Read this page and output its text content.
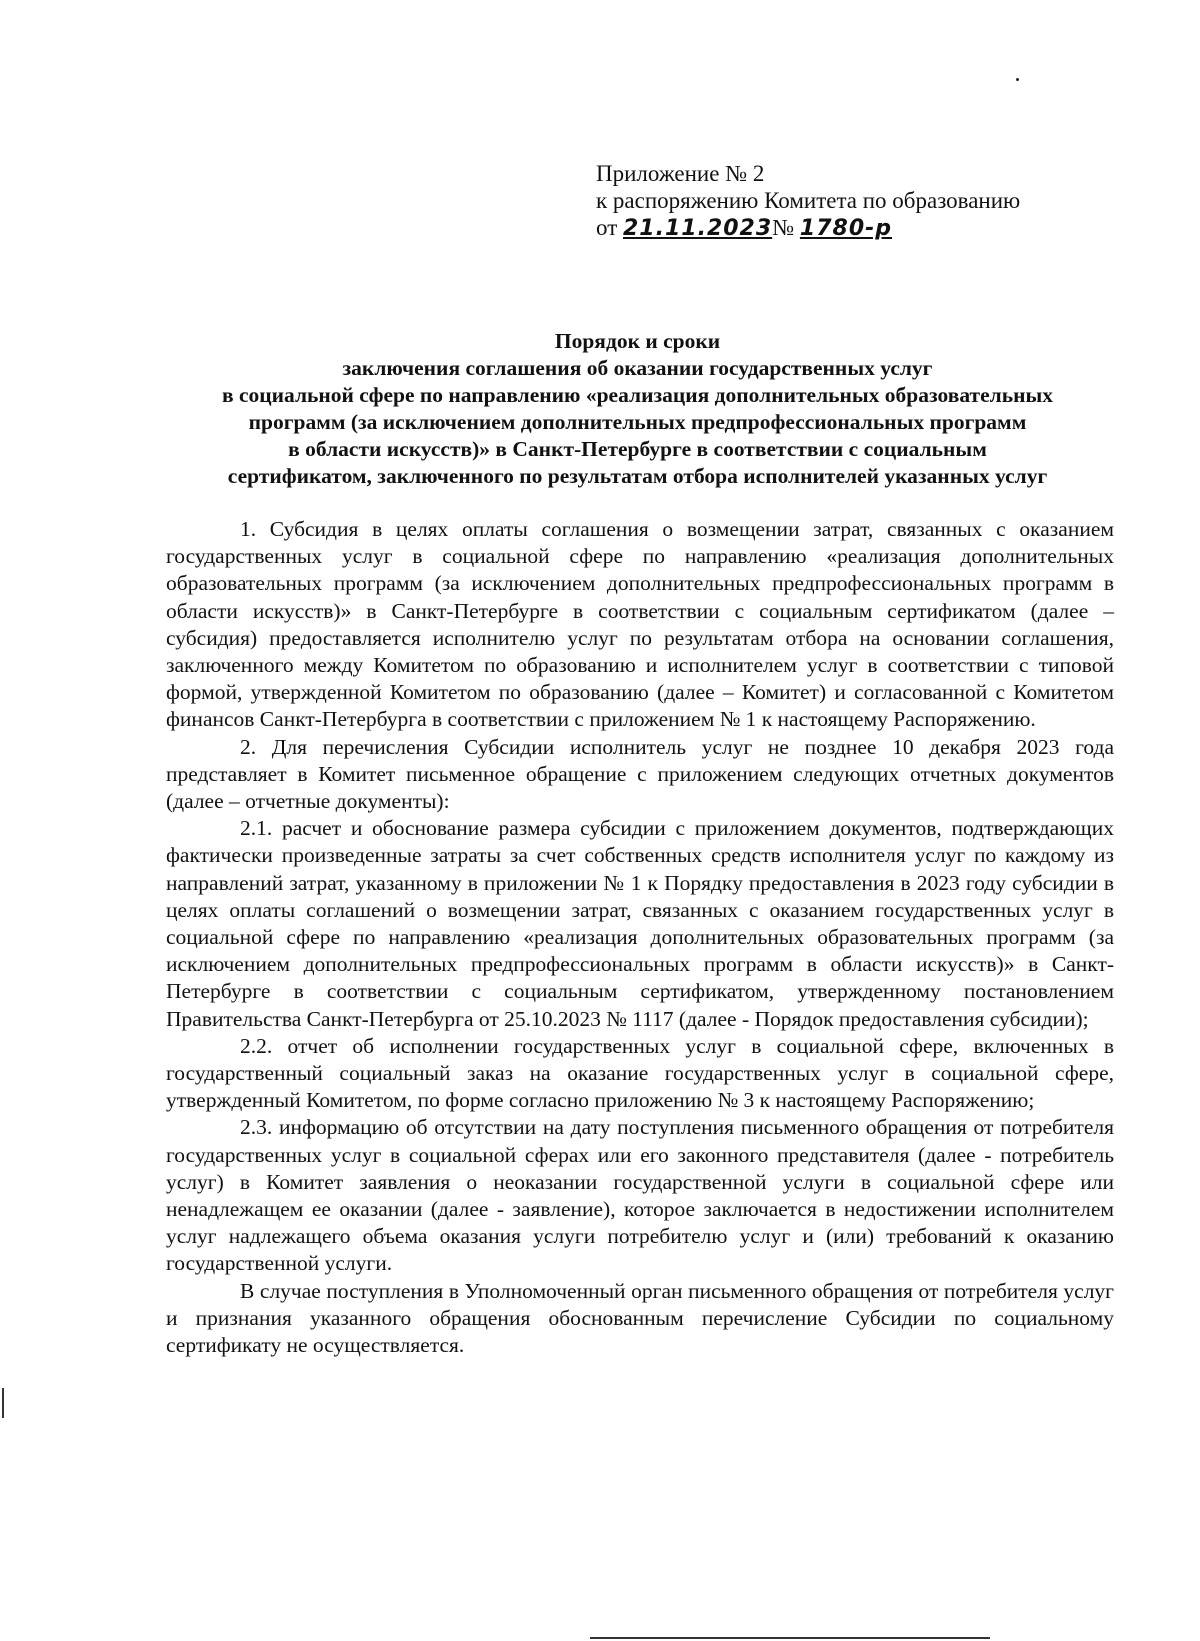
Приложение № 2
к распоряжению Комитета по образованию
от 21.11.2023№ 1780-р
Порядок и сроки
заключения соглашения об оказании государственных услуг
в социальной сфере по направлению «реализация дополнительных образовательных
программ (за исключением дополнительных предпрофессиональных программ
в области искусств)» в Санкт-Петербурге в соответствии с социальным
сертификатом, заключенного по результатам отбора исполнителей указанных услуг

1. Субсидия в целях оплаты соглашения о возмещении затрат, связанных с оказанием государственных услуг в социальной сфере по направлению «реализация дополнительных образовательных программ (за исключением дополнительных предпрофессиональных программ в области искусств)» в Санкт-Петербурге в соответствии с социальным сертификатом (далее – субсидия) предоставляется исполнителю услуг по результатам отбора на основании соглашения, заключенного между Комитетом по образованию и исполнителем услуг в соответствии с типовой формой, утвержденной Комитетом по образованию (далее – Комитет) и согласованной с Комитетом финансов Санкт-Петербурга в соответствии с приложением № 1 к настоящему Распоряжению.

2. Для перечисления Субсидии исполнитель услуг не позднее 10 декабря 2023 года представляет в Комитет письменное обращение с приложением следующих отчетных документов (далее – отчетные документы):

2.1. расчет и обоснование размера субсидии с приложением документов, подтверждающих фактически произведенные затраты за счет собственных средств исполнителя услуг по каждому из направлений затрат, указанному в приложении № 1 к Порядку предоставления в 2023 году субсидии в целях оплаты соглашений о возмещении затрат, связанных с оказанием государственных услуг в социальной сфере по направлению «реализация дополнительных образовательных программ (за исключением дополнительных предпрофессиональных программ в области искусств)» в Санкт-Петербурге в соответствии с социальным сертификатом, утвержденному постановлением Правительства Санкт-Петербурга от 25.10.2023 № 1117 (далее - Порядок предоставления субсидии);

2.2. отчет об исполнении государственных услуг в социальной сфере, включенных в государственный социальный заказ на оказание государственных услуг в социальной сфере, утвержденный Комитетом, по форме согласно приложению № 3 к настоящему Распоряжению;

2.3. информацию об отсутствии на дату поступления письменного обращения от потребителя государственных услуг в социальной сферах или его законного представителя (далее - потребитель услуг) в Комитет заявления о неоказании государственной услуги в социальной сфере или ненадлежащем ее оказании (далее - заявление), которое заключается в недостижении исполнителем услуг надлежащего объема оказания услуги потребителю услуг и (или) требований к оказанию государственной услуги.

В случае поступления в Уполномоченный орган письменного обращения от потребителя услуг и признания указанного обращения обоснованным перечисление Субсидии по социальному сертификату не осуществляется.
